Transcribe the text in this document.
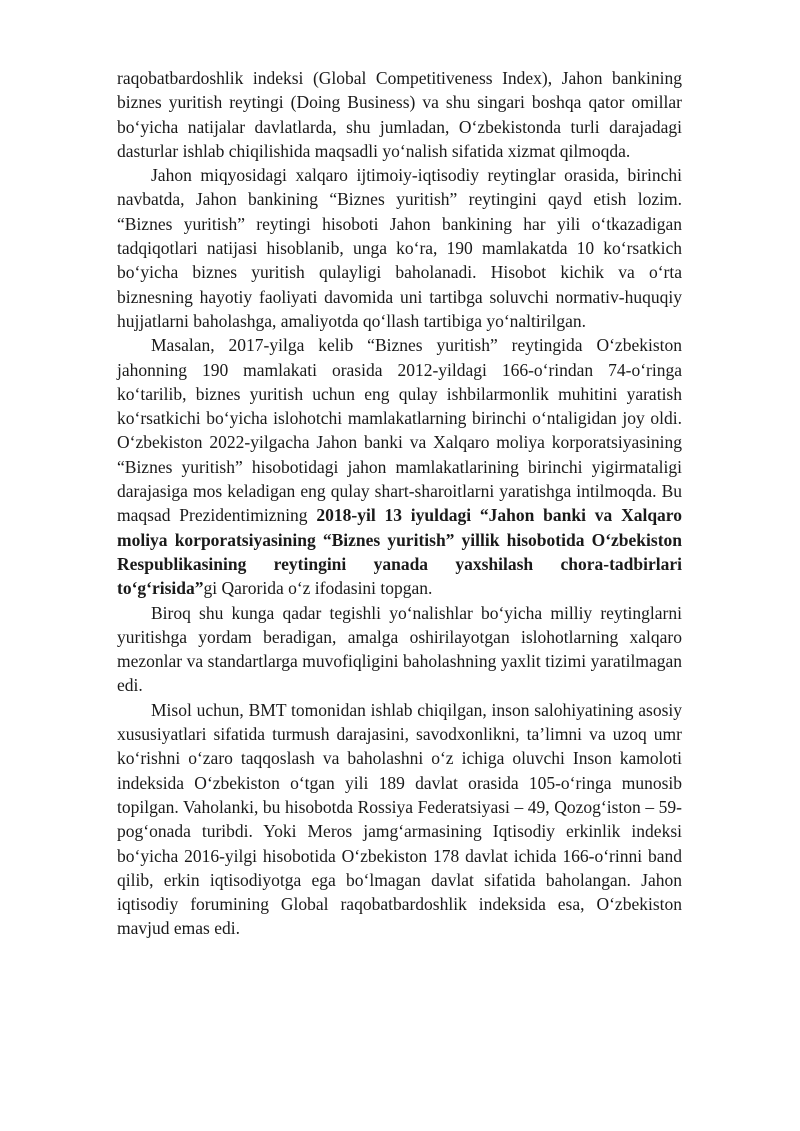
raqobatbardoshlik indeksi (Global Competitiveness Index), Jahon bankining biznes yuritish reytingi (Doing Business) va shu singari boshqa qator omillar bo‘yicha natijalar davlatlarda, shu jumladan, O‘zbekistonda turli darajadagi dasturlar ishlab chiqilishida maqsadli yo‘nalish sifatida xizmat qilmoqda.

Jahon miqyosidagi xalqaro ijtimoiy-iqtisodiy reytinglar orasida, birinchi navbatda, Jahon bankining “Biznes yuritish” reytingini qayd etish lozim. “Biznes yuritish” reytingi hisoboti Jahon bankining har yili o‘tkazadigan tadqiqotlari natijasi hisoblanib, unga ko‘ra, 190 mamlakatda 10 ko‘rsatkich bo‘yicha biznes yuritish qulayligi baholanadi. Hisobot kichik va o‘rta biznesning hayotiy faoliyati davomida uni tartibga soluvchi normativ-huquqiy hujjatlarni baholashga, amaliyotda qo‘llash tartibiga yo‘naltirilgan.

Masalan, 2017-yilga kelib “Biznes yuritish” reytingida O‘zbekiston jahonning 190 mamlakati orasida 2012-yildagi 166-o‘rindan 74-o‘ringa ko‘tarilib, biznes yuritish uchun eng qulay ishbilarmonlik muhitini yaratish ko‘rsatkichi bo‘yicha islohotchi mamlakatlarning birinchi o‘ntaligidan joy oldi. O‘zbekiston 2022-yilgacha Jahon banki va Xalqaro moliya korporatsiyasining “Biznes yuritish” hisobotidagi jahon mamlakatlarining birinchi yigirmataligi darajasiga mos keladigan eng qulay shart-sharoitlarni yaratishga intilmoqda. Bu maqsad Prezidentimizning 2018-yil 13 iyuldagi “Jahon banki va Xalqaro moliya korporatsiyasining “Biznes yuritish” yillik hisobotida O‘zbekiston Respublikasining reytingini yanada yaxshilash chora-tadbirlari to‘g‘risida”gi Qarorida o‘z ifodasini topgan.

Biroq shu kunga qadar tegishli yo‘nalishlar bo‘yicha milliy reytinglarni yuritishga yordam beradigan, amalga oshirilayotgan islohotlarning xalqaro mezonlar va standartlarga muvofiqligini baholashning yaxlit tizimi yaratilmagan edi.

Misol uchun, BMT tomonidan ishlab chiqilgan, inson salohiyatining asosiy xususiyatlari sifatida turmush darajasini, savodxonlikni, ta’limni va uzoq umr ko‘rishni o‘zaro taqqoslash va baholashni o‘z ichiga oluvchi Inson kamoloti indeksida O‘zbekiston o‘tgan yili 189 davlat orasida 105-o‘ringa munosib topilgan. Vaholanki, bu hisobotda Rossiya Federatsiyasi – 49, Qozog‘iston – 59-pog‘onada turibdi. Yoki Meros jamg‘armasining Iqtisodiy erkinlik indeksi bo‘yicha 2016-yilgi hisobotida O‘zbekiston 178 davlat ichida 166-o‘rinni band qilib, erkin iqtisodiyotga ega bo‘lmagan davlat sifatida baholangan. Jahon iqtisodiy forumining Global raqobatbardoshlik indeksida esa, O‘zbekiston mavjud emas edi.
